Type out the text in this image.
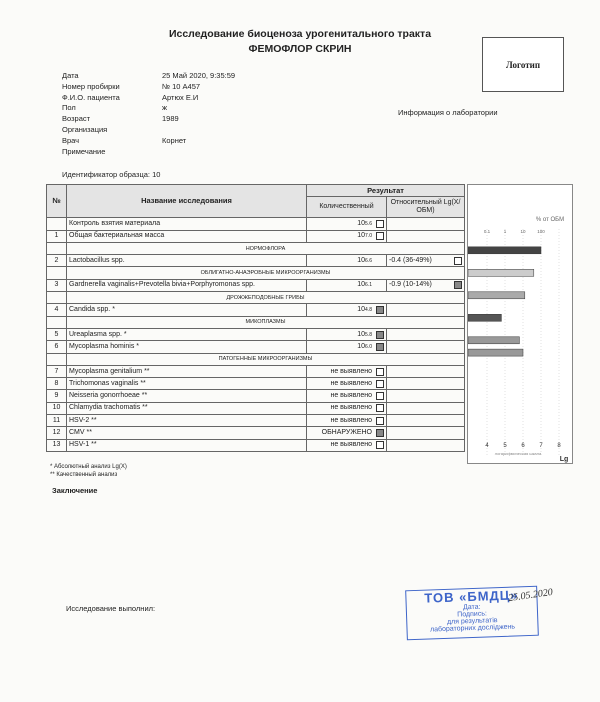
Исследование биоценоза урогенитального тракта
ФЕМОФЛОР СКРИН
Логотип
Информация о лаборатории
Дата	25 Май 2020, 9:35:59
Номер пробирки	№ 10 А457
Ф.И.О. пациента	Артюх Е.И
Пол	ж
Возраст	1989
Организация
Врач	Корнет
Примечание
Идентификатор образца: 10
№	Название исследования	Результат	
		Количественный	Относительный Lg(X/ОБМ)
	Контроль взятия материала	10 5.6	

1	Общая бактериальная масса	10 7.0	

	НОРМОФЛОРА		
2	Lactobacillus spp.	10 6.6	-0.4 (36-49%)

	ОБЛИГАТНО-АНАЭРОБНЫЕ МИКРООРГАНИЗМЫ		
3	Gardnerella vaginalis+Prevotella bivia+Porphyromonas spp.	10 6.1	-0.9 (10-14%)

	ДРОЖЖЕПОДОБНЫЕ ГРИБЫ		
4	Candida spp. *	10 4.8	

	МИКОПЛАЗМЫ		
5	Ureaplasma spp. *	10 5.8	

6	Mycoplasma hominis *	10 6.0	

	ПАТОГЕННЫЕ МИКРООРГАНИЗМЫ		
7	Mycoplasma genitalium **	не выявлено	

8	Trichomonas vaginalis **	не выявлено	

9	Neisseria gonorrhoeae **	не выявлено	

10	Chlamydia trachomatis **	не выявлено	

11	HSV-2 **	не выявлено	

12	CMV **	ОБНАРУЖЕНО	

13	HSV-1 **	не выявлено	

% от ОБМ
0.1	1	10	100
4 5 6 7 8
логарифмическая шкала
Lg
* Абсолютный анализ Lg(X)
** Качественный анализ
Заключение
Исследование выполнил:
ТОВ «БМДЦ»
Дата:
Подпись:
для результатів
лабораторних досліджень
25.05.2020
